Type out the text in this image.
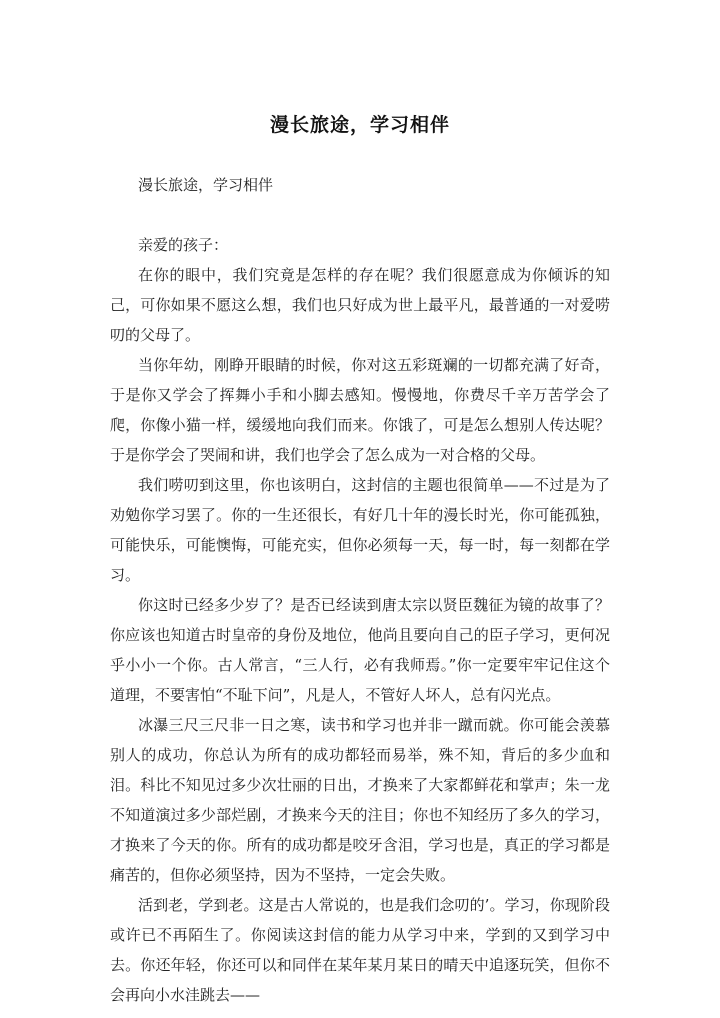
漫长旅途，学习相伴
漫长旅途，学习相伴
亲爱的孩子：

在你的眼中，我们究竟是怎样的存在呢？我们很愿意成为你倾诉的知己，可你如果不愿这么想，我们也只好成为世上最平凡，最普通的一对爱唠叨的父母了。

当你年幼，刚睁开眼睛的时候，你对这五彩斑斓的一切都充满了好奇，于是你又学会了挥舞小手和小脚去感知。慢慢地，你费尽千辛万苦学会了爬，你像小猫一样，缓缓地向我们而来。你饿了，可是怎么想别人传达呢？于是你学会了哭闹和讲，我们也学会了怎么成为一对合格的父母。

我们唠叨到这里，你也该明白，这封信的主题也很简单——不过是为了劝勉你学习罢了。你的一生还很长，有好几十年的漫长时光，你可能孤独，可能快乐，可能懊悔，可能充实，但你必须每一天，每一时，每一刻都在学习。

你这时已经多少岁了？是否已经读到唐太宗以贤臣魏征为镜的故事了？你应该也知道古时皇帝的身份及地位，他尚且要向自己的臣子学习，更何况乎小小一个你。古人常言，“三人行，必有我师焉。”你一定要牢牢记住这个道理，不要害怕“不耻下问”，凡是人，不管好人坏人，总有闪光点。

冰瀑三尺三尺非一日之寒，读书和学习也并非一蹴而就。你可能会羡慕别人的成功，你总认为所有的成功都轻而易举，殊不知，背后的多少血和泪。科比不知见过多少次壮丽的日出，才换来了大家都鲜花和掌声；朱一龙不知道演过多少部烂剧，才换来今天的注目；你也不知经历了多久的学习，才换来了今天的你。所有的成功都是咬牙含泪，学习也是，真正的学习都是痛苦的，但你必须坚持，因为不坚持，一定会失败。

活到老，学到老。这是古人常说的，也是我们念叨的’。学习，你现阶段或许已不再陌生了。你阅读这封信的能力从学习中来，学到的又到学习中去。你还年轻，你还可以和同伴在某年某月某日的晴天中追逐玩笑，但你不会再向小水洼跳去——
